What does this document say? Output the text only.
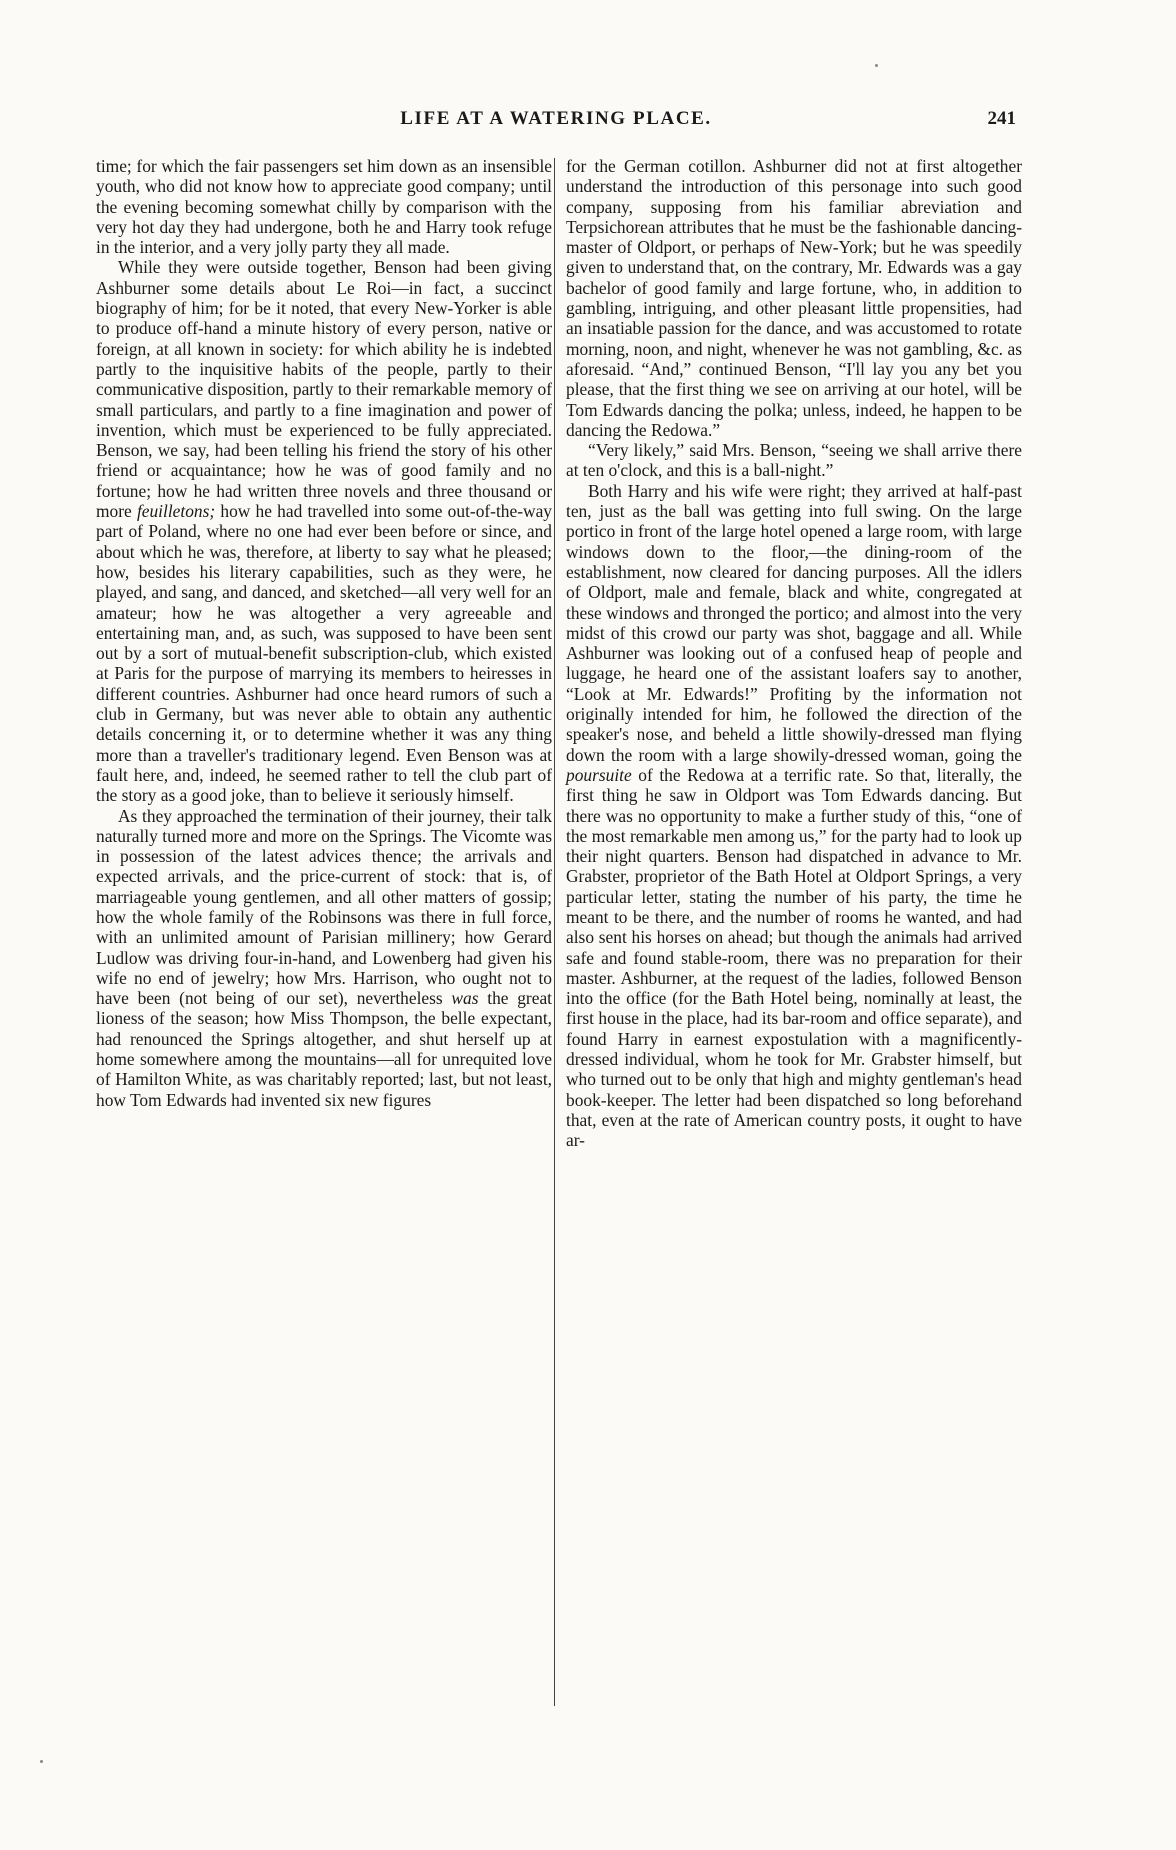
LIFE AT A WATERING PLACE.	241

time; for which the fair passengers set him down as an insensible youth, who did not know how to appreciate good company; until the evening becoming somewhat chilly by comparison with the very hot day they had undergone, both he and Harry took refuge in the interior, and a very jolly party they all made.

While they were outside together, Benson had been giving Ashburner some details about Le Roi—in fact, a succinct biography of him; for be it noted, that every New-Yorker is able to produce off-hand a minute history of every person, native or foreign, at all known in society: for which ability he is indebted partly to the inquisitive habits of the people, partly to their communicative disposition, partly to their remarkable memory of small particulars, and partly to a fine imagination and power of invention, which must be experienced to be fully appreciated. Benson, we say, had been telling his friend the story of his other friend or acquaintance; how he was of good family and no fortune; how he had written three novels and three thousand or more feuilletons; how he had travelled into some out-of-the-way part of Poland, where no one had ever been before or since, and about which he was, therefore, at liberty to say what he pleased; how, besides his literary capabilities, such as they were, he played, and sang, and danced, and sketched—all very well for an amateur; how he was altogether a very agreeable and entertaining man, and, as such, was supposed to have been sent out by a sort of mutual-benefit subscription-club, which existed at Paris for the purpose of marrying its members to heiresses in different countries. Ashburner had once heard rumors of such a club in Germany, but was never able to obtain any authentic details concerning it, or to determine whether it was any thing more than a traveller's traditionary legend. Even Benson was at fault here, and, indeed, he seemed rather to tell the club part of the story as a good joke, than to believe it seriously himself.

As they approached the termination of their journey, their talk naturally turned more and more on the Springs. The Vicomte was in possession of the latest advices thence; the arrivals and expected arrivals, and the price-current of stock: that is, of marriageable young gentlemen, and all other matters of gossip; how the whole family of the Robinsons was there in full force, with an unlimited amount of Parisian millinery; how Gerard Ludlow was driving four-in-hand, and Lowenberg had given his wife no end of jewelry; how Mrs. Harrison, who ought not to have been (not being of our set), nevertheless was the great lioness of the season; how Miss Thompson, the belle expectant, had renounced the Springs altogether, and shut herself up at home somewhere among the mountains—all for unrequited love of Hamilton White, as was charitably reported; last, but not least, how Tom Edwards had invented six new figures

for the German cotillon. Ashburner did not at first altogether understand the introduction of this personage into such good company, supposing from his familiar abreviation and Terpsichorean attributes that he must be the fashionable dancing-master of Oldport, or perhaps of New-York; but he was speedily given to understand that, on the contrary, Mr. Edwards was a gay bachelor of good family and large fortune, who, in addition to gambling, intriguing, and other pleasant little propensities, had an insatiable passion for the dance, and was accustomed to rotate morning, noon, and night, whenever he was not gambling, &c. as aforesaid. “And,” continued Benson, “I'll lay you any bet you please, that the first thing we see on arriving at our hotel, will be Tom Edwards dancing the polka; unless, indeed, he happen to be dancing the Redowa.”

“Very likely,” said Mrs. Benson, “seeing we shall arrive there at ten o'clock, and this is a ball-night.”

Both Harry and his wife were right; they arrived at half-past ten, just as the ball was getting into full swing. On the large portico in front of the large hotel opened a large room, with large windows down to the floor,—the dining-room of the establishment, now cleared for dancing purposes. All the idlers of Oldport, male and female, black and white, congregated at these windows and thronged the portico; and almost into the very midst of this crowd our party was shot, baggage and all. While Ashburner was looking out of a confused heap of people and luggage, he heard one of the assistant loafers say to another, “Look at Mr. Edwards!” Profiting by the information not originally intended for him, he followed the direction of the speaker's nose, and beheld a little showily-dressed man flying down the room with a large showily-dressed woman, going the poursuite of the Redowa at a terrific rate. So that, literally, the first thing he saw in Oldport was Tom Edwards dancing. But there was no opportunity to make a further study of this, “one of the most remarkable men among us,” for the party had to look up their night quarters. Benson had dispatched in advance to Mr. Grabster, proprietor of the Bath Hotel at Oldport Springs, a very particular letter, stating the number of his party, the time he meant to be there, and the number of rooms he wanted, and had also sent his horses on ahead; but though the animals had arrived safe and found stable-room, there was no preparation for their master. Ashburner, at the request of the ladies, followed Benson into the office (for the Bath Hotel being, nominally at least, the first house in the place, had its bar-room and office separate), and found Harry in earnest expostulation with a magnificently-dressed individual, whom he took for Mr. Grabster himself, but who turned out to be only that high and mighty gentleman's head book-keeper. The letter had been dispatched so long beforehand that, even at the rate of American country posts, it ought to have ar-
